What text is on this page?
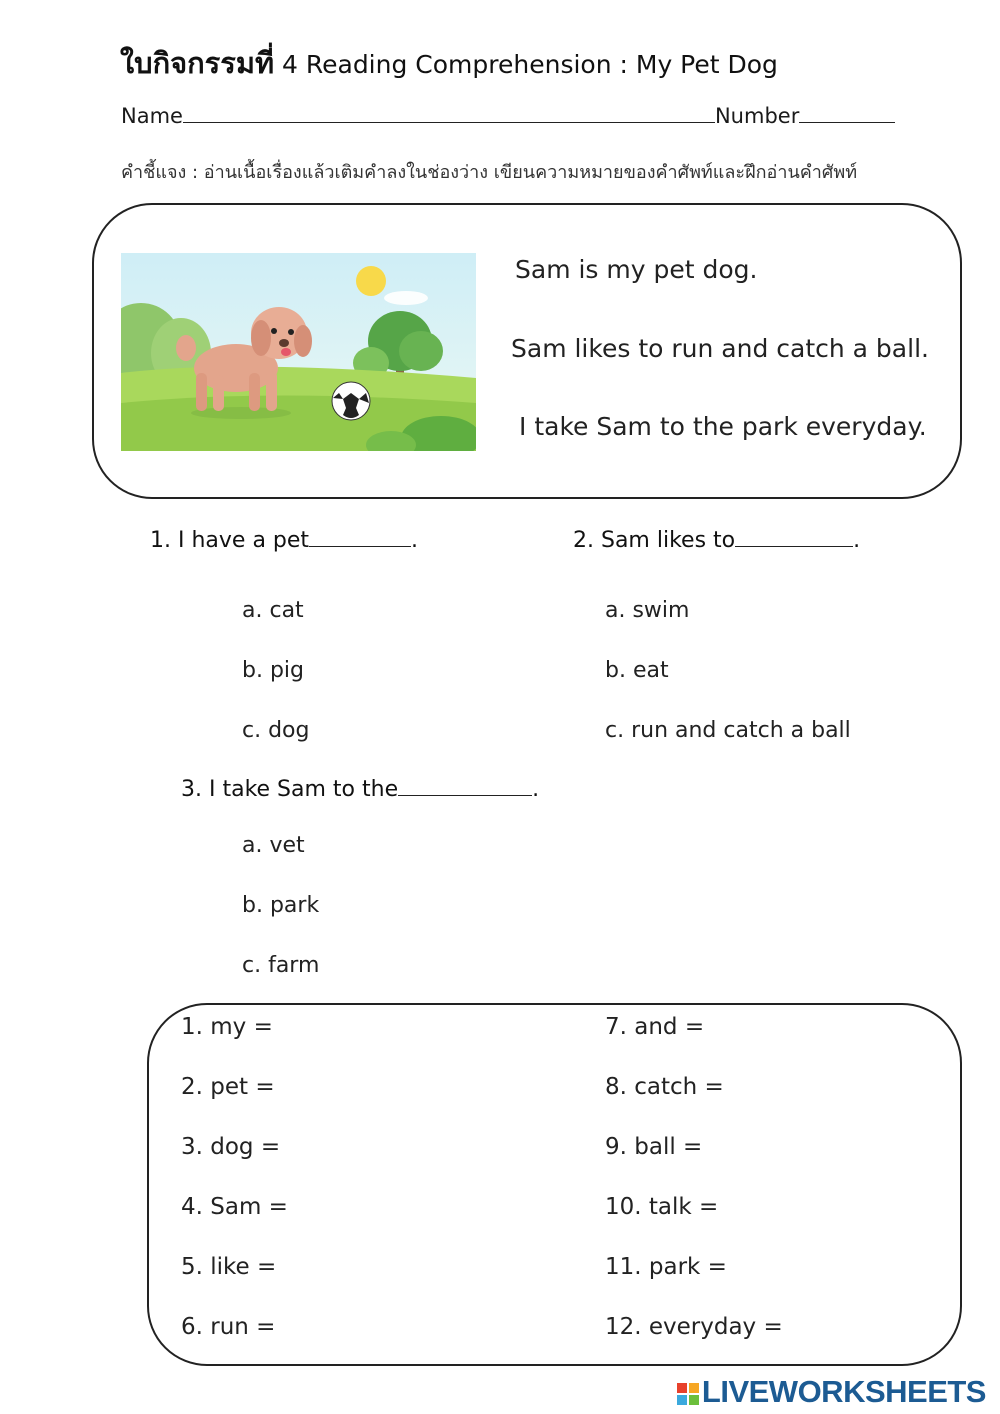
ใบกิจกรรมที่ 4 Reading Comprehension : My Pet Dog
Name	Number
คำชี้แจง : อ่านเนื้อเรื่องแล้วเติมคำลงในช่องว่าง เขียนความหมายของคำศัพท์และฝึกอ่านคำศัพท์
Sam is my pet dog.
Sam likes to run and catch a ball.
I take Sam to the park everyday.
1. I have a pet	.
a. cat
b. pig
c. dog
2. Sam likes to	.
a. swim
b. eat
c. run and catch a ball
3. I take Sam to the	.
a. vet
b. park
c. farm
1. my =
2. pet =
3. dog =
4. Sam =
5. like =
6. run =
7. and =
8. catch =
9. ball =
10. talk =
11. park =
12. everyday =
LIVEWORKSHEETS
